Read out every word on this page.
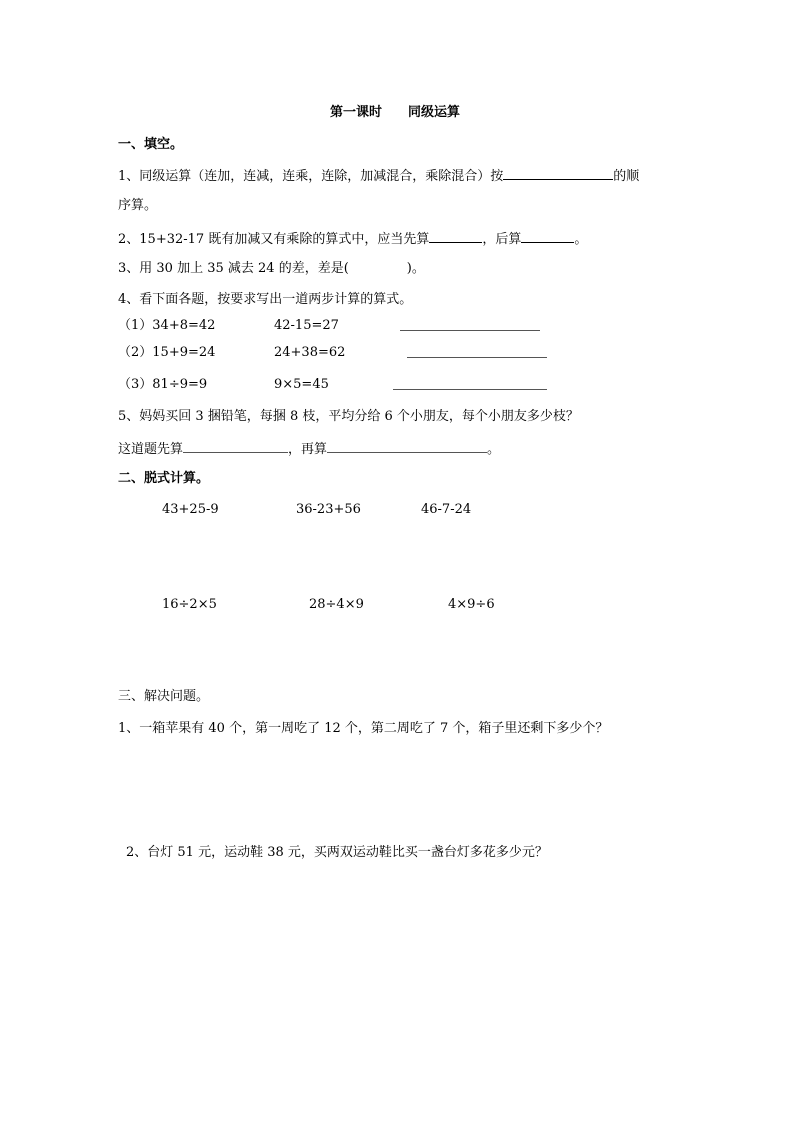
第一课时　　同级运算
一、填空。
1、同级运算（连加，连减，连乘，连除，加减混合，乘除混合）按	的顺
序算。
2、15+32-17 既有加减又有乘除的算式中，应当先算	，后算	。
3、用 30 加上 35 减去 24 的差，差是(	)。
4、看下面各题，按要求写出一道两步计算的算式。
（1）34+8=42	42-15=27
（2）15+9=24	24+38=62
（3）81÷9=9	9×5=45
5、妈妈买回 3 捆铅笔，每捆 8 枝，平均分给 6 个小朋友，每个小朋友多少枝？
这道题先算	，再算	。
二、脱式计算。
43+25-9	36-23+56	46-7-24
16÷2×5	28÷4×9	4×9÷6
三、解决问题。
1、一箱苹果有 40 个，第一周吃了 12 个，第二周吃了 7 个，箱子里还剩下多少个？
2、台灯 51 元，运动鞋 38 元，买两双运动鞋比买一盏台灯多花多少元？
